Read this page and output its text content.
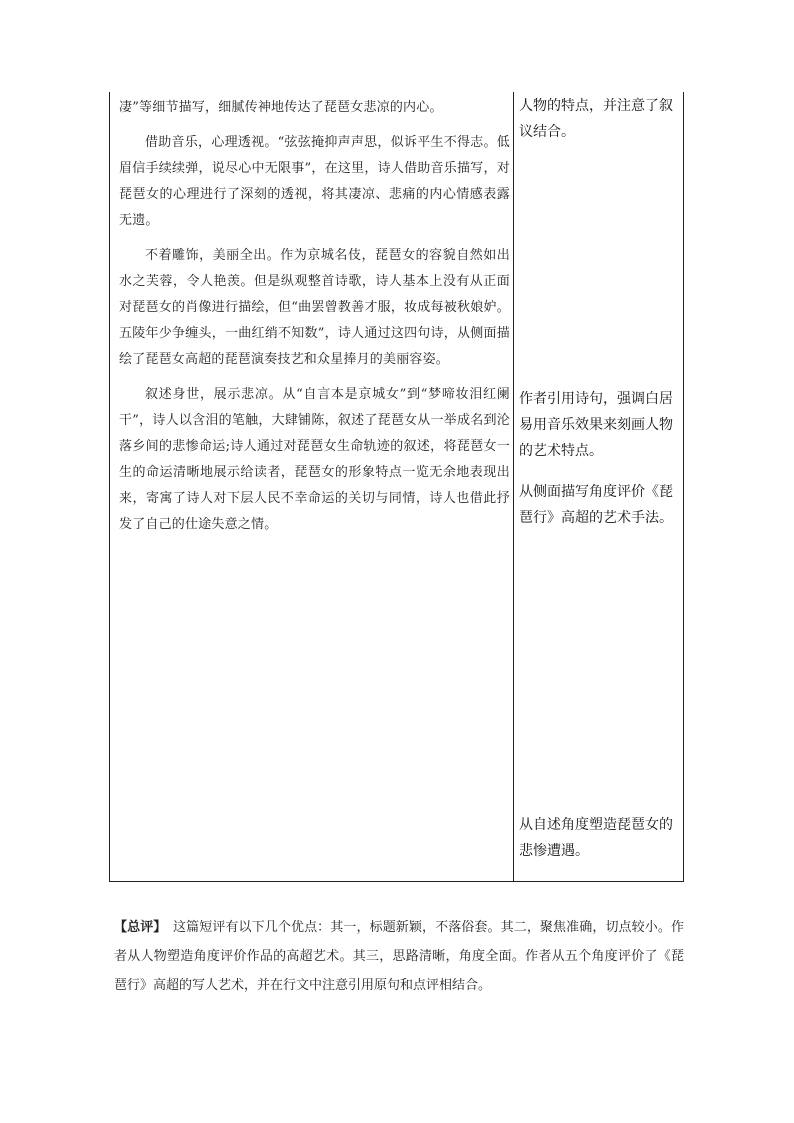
凄”等细节描写，细腻传神地传达了琵琶女悲凉的内心。

借助音乐，心理透视。“弦弦掩抑声声思，似诉平生不得志。低眉信手续续弹，说尽心中无限事”，在这里，诗人借助音乐描写，对琵琶女的心理进行了深刻的透视，将其凄凉、悲痛的内心情感表露无遗。

不着雕饰，美丽全出。作为京城名伎，琵琶女的容貌自然如出水之芙蓉，令人艳羡。但是纵观整首诗歌，诗人基本上没有从正面对琵琶女的肖像进行描绘，但“曲罢曾教善才服，妆成每被秋娘妒。五陵年少争缠头，一曲红绡不知数”，诗人通过这四句诗，从侧面描绘了琵琶女高超的琵琶演奏技艺和众星捧月的美丽容姿。

叙述身世，展示悲凉。从“自言本是京城女”到“梦啼妆泪红阑干”，诗人以含泪的笔触，大肆铺陈，叙述了琵琶女从一举成名到沦落乡间的悲惨命运;诗人通过对琵琶女生命轨迹的叙述，将琵琶女一生的命运清晰地展示给读者，琵琶女的形象特点一览无余地表现出来，寄寓了诗人对下层人民不幸命运的关切与同情，诗人也借此抒发了自己的仕途失意之情。

人物的特点，并注意了叙议结合。

作者引用诗句，强调白居易用音乐效果来刻画人物的艺术特点。

从侧面描写角度评价《琵琶行》高超的艺术手法。

从自述角度塑造琵琶女的悲惨遭遇。

【总评】　这篇短评有以下几个优点：其一，标题新颖，不落俗套。其二，聚焦准确，切点较小。作者从人物塑造角度评价作品的高超艺术。其三，思路清晰，角度全面。作者从五个角度评价了《琵琶行》高超的写人艺术，并在行文中注意引用原句和点评相结合。
